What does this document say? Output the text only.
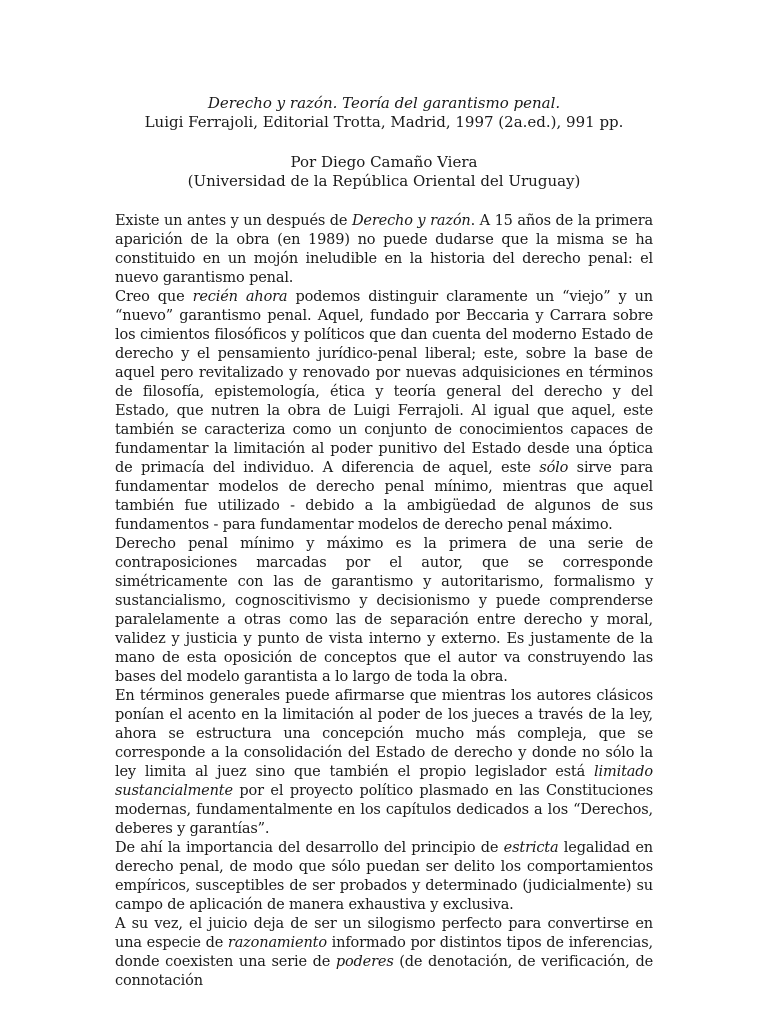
Derecho y razón. Teoría del garantismo penal.

Luigi Ferrajoli, Editorial Trotta, Madrid, 1997 (2a.ed.), 991 pp.

Por Diego Camaño Viera

(Universidad de la República Oriental del Uruguay)

Existe un antes y un después de Derecho y razón. A 15 años de la primera aparición de la obra (en 1989) no puede dudarse que la misma se ha constituido en un mojón ineludible en la historia del derecho penal: el nuevo garantismo penal.

Creo que recién ahora podemos distinguir claramente un “viejo” y un “nuevo” garantismo penal. Aquel, fundado por Beccaria y Carrara sobre los cimientos filosóficos y políticos que dan cuenta del moderno Estado de derecho y el pensamiento jurídico-penal liberal; este, sobre la base de aquel pero revitalizado y renovado por nuevas adquisiciones en términos de filosofía, epistemología, ética y teoría general del derecho y del Estado, que nutren la obra de Luigi Ferrajoli. Al igual que aquel, este también se caracteriza como un conjunto de conocimientos capaces de fundamentar la limitación al poder punitivo del Estado desde una óptica de primacía del individuo. A diferencia de aquel, este sólo sirve para fundamentar modelos de derecho penal mínimo, mientras que aquel también fue utilizado - debido a la ambigüedad de algunos de sus fundamentos - para fundamentar modelos de derecho penal máximo.

Derecho penal mínimo y máximo es la primera de una serie de contraposiciones marcadas por el autor, que se corresponde simétricamente con las de garantismo y autoritarismo, formalismo y sustancialismo, cognoscitivismo y decisionismo y puede comprenderse paralelamente a otras como las de separación entre derecho y moral, validez y justicia y punto de vista interno y externo. Es justamente de la mano de esta oposición de conceptos que el autor va construyendo las bases del modelo garantista a lo largo de toda la obra.

En términos generales puede afirmarse que mientras los autores clásicos ponían el acento en la limitación al poder de los jueces a través de la ley, ahora se estructura una concepción mucho más compleja, que se corresponde a la consolidación del Estado de derecho y donde no sólo la ley limita al juez sino que también el propio legislador está limitado sustancialmente por el proyecto político plasmado en las Constituciones modernas, fundamentalmente en los capítulos dedicados a los “Derechos, deberes y garantías”.

De ahí la importancia del desarrollo del principio de estricta legalidad en derecho penal, de modo que sólo puedan ser delito los comportamientos empíricos, susceptibles de ser probados y determinado (judicialmente) su campo de aplicación de manera exhaustiva y exclusiva.

A su vez, el juicio deja de ser un silogismo perfecto para convertirse en una especie de razonamiento informado por distintos tipos de inferencias, donde coexisten una serie de poderes (de denotación, de verificación, de connotación
